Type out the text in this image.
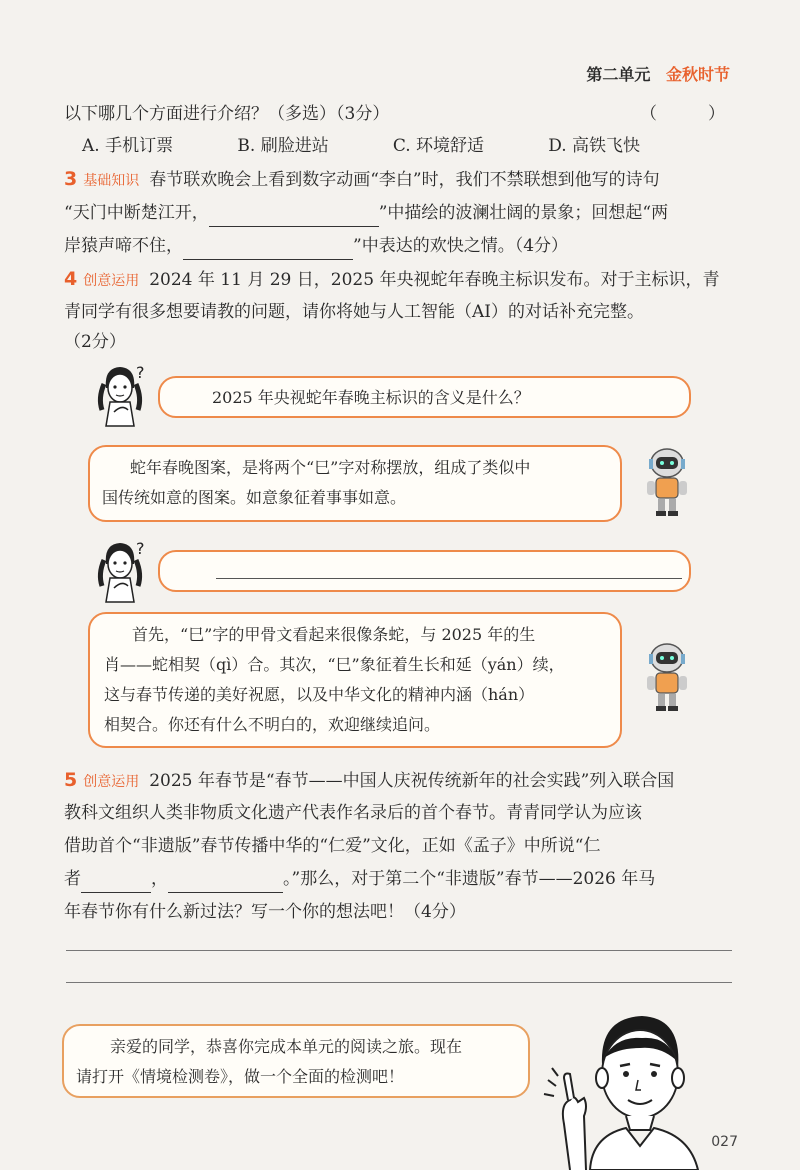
第二单元 金秋时节
以下哪几个方面进行介绍？（多选）（3分）	（　　　）
A. 手机订票	B. 刷脸进站	C. 环境舒适	D. 高铁飞快
3 基础知识 春节联欢晚会上看到数字动画“李白”时，我们不禁联想到他写的诗句
“天门中断楚江开，	”中描绘的波澜壮阔的景象；回想起“两
岸猿声啼不住，	”中表达的欢快之情。（4分）
4 创意运用 2024 年 11 月 29 日，2025 年央视蛇年春晚主标识发布。对于主标识，青
青同学有很多想要请教的问题，请你将她与人工智能（AI）的对话补充完整。
（2分）
?
2025 年央视蛇年春晚主标识的含义是什么？
蛇年春晚图案，是将两个“巳”字对称摆放，组成了类似中
国传统如意的图案。如意象征着事事如意。
?
首先，“巳”字的甲骨文看起来很像条蛇，与 2025 年的生
肖——蛇相契（qì）合。其次，“巳”象征着生长和延（yán）续，
这与春节传递的美好祝愿，以及中华文化的精神内涵（hán）
相契合。你还有什么不明白的，欢迎继续追问。
5 创意运用 2025 年春节是“春节——中国人庆祝传统新年的社会实践”列入联合国
教科文组织人类非物质文化遗产代表作名录后的首个春节。青青同学认为应该
借助首个“非遗版”春节传播中华的“仁爱”文化，正如《孟子》中所说“仁
者	，	。”那么，对于第二个“非遗版”春节——2026 年马
年春节你有什么新过法？写一个你的想法吧！（4分）
亲爱的同学，恭喜你完成本单元的阅读之旅。现在
请打开《情境检测卷》，做一个全面的检测吧！
027
